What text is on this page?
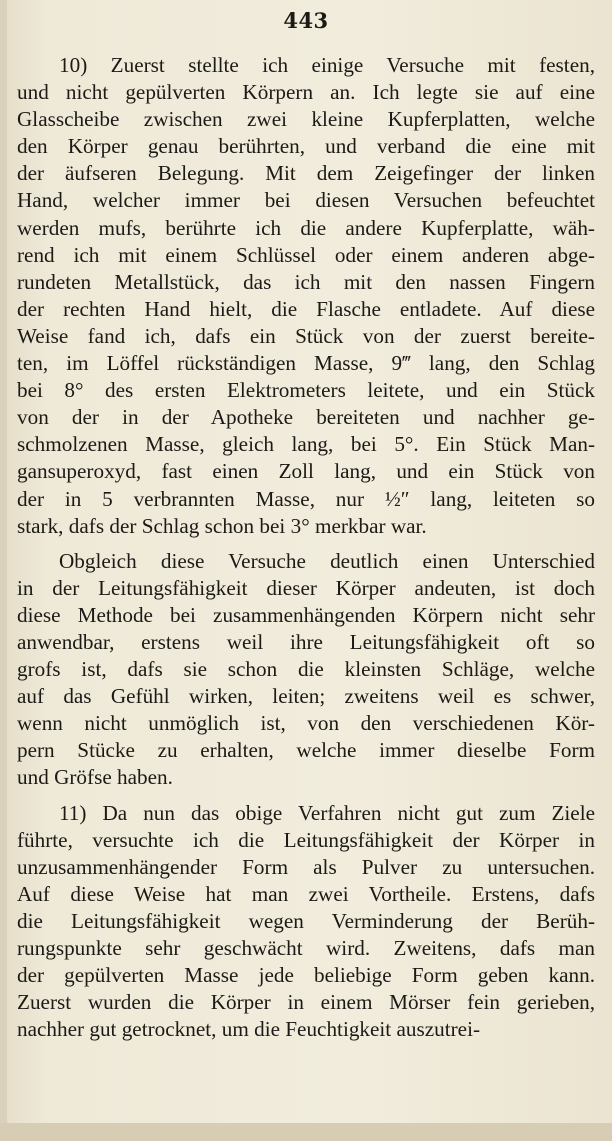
443
10) Zuerst stellte ich einige Versuche mit festen,
und nicht gepülverten Körpern an. Ich legte sie auf eine
Glasscheibe zwischen zwei kleine Kupferplatten, welche
den Körper genau berührten, und verband die eine mit
der äufseren Belegung. Mit dem Zeigefinger der linken
Hand, welcher immer bei diesen Versuchen befeuchtet
werden mufs, berührte ich die andere Kupferplatte, wäh-
rend ich mit einem Schlüssel oder einem anderen abge-
rundeten Metallstück, das ich mit den nassen Fingern
der rechten Hand hielt, die Flasche entladete. Auf diese
Weise fand ich, dafs ein Stück von der zuerst bereite-
ten, im Löffel rückständigen Masse, 9‴ lang, den Schlag
bei 8° des ersten Elektrometers leitete, und ein Stück
von der in der Apotheke bereiteten und nachher ge-
schmolzenen Masse, gleich lang, bei 5°. Ein Stück Man-
gansuperoxyd, fast einen Zoll lang, und ein Stück von
der in 5 verbrannten Masse, nur ½″ lang, leiteten so
stark, dafs der Schlag schon bei 3° merkbar war.
Obgleich diese Versuche deutlich einen Unterschied
in der Leitungsfähigkeit dieser Körper andeuten, ist doch
diese Methode bei zusammenhängenden Körpern nicht sehr
anwendbar, erstens weil ihre Leitungsfähigkeit oft so
grofs ist, dafs sie schon die kleinsten Schläge, welche
auf das Gefühl wirken, leiten; zweitens weil es schwer,
wenn nicht unmöglich ist, von den verschiedenen Kör-
pern Stücke zu erhalten, welche immer dieselbe Form
und Gröfse haben.
11) Da nun das obige Verfahren nicht gut zum Ziele
führte, versuchte ich die Leitungsfähigkeit der Körper in
unzusammenhängender Form als Pulver zu untersuchen.
Auf diese Weise hat man zwei Vortheile. Erstens, dafs
die Leitungsfähigkeit wegen Verminderung der Berüh-
rungspunkte sehr geschwächt wird. Zweitens, dafs man
der gepülverten Masse jede beliebige Form geben kann.
Zuerst wurden die Körper in einem Mörser fein gerieben,
nachher gut getrocknet, um die Feuchtigkeit auszutrei-
